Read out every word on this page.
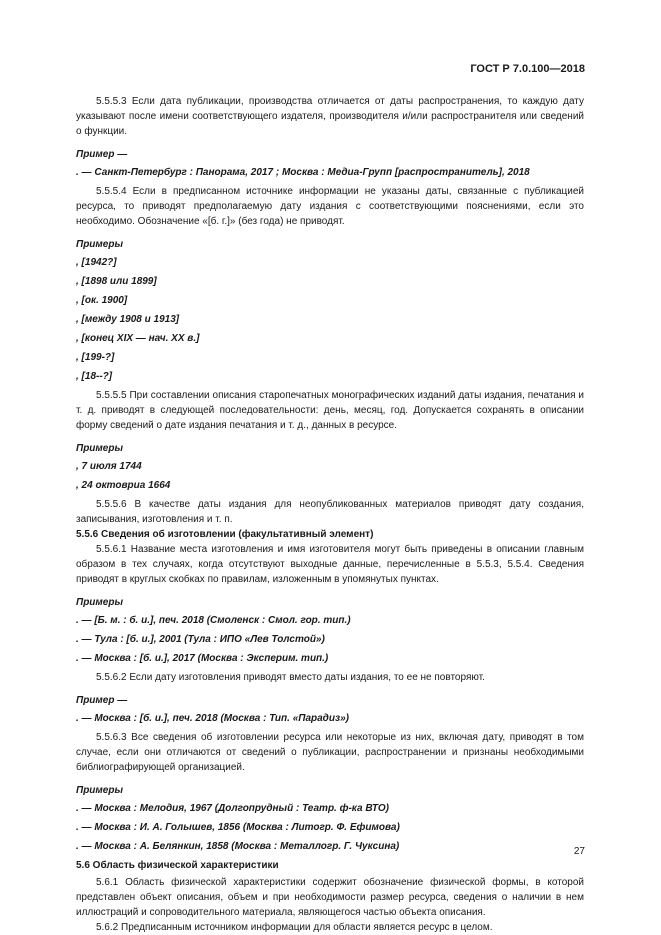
ГОСТ Р 7.0.100—2018

5.5.5.3 Если дата публикации, производства отличается от даты распространения, то каждую дату указывают после имени соответствующего издателя, производителя и/или распространителя или сведений о функции.

Пример —
. — Санкт-Петербург : Панорама, 2017 ; Москва : Медиа-Групп [распространитель], 2018

5.5.5.4 Если в предписанном источнике информации не указаны даты, связанные с публикацией ресурса, то приводят предполагаемую дату издания с соответствующими пояснениями, если это необходимо. Обозначение «[б. г.]» (без года) не приводят.

Примеры
, [1942?]
, [1898 или 1899]
, [ок. 1900]
, [между 1908 и 1913]
, [конец XIX — нач. XX в.]
, [199-?]
, [18--?]

5.5.5.5 При составлении описания старопечатных монографических изданий даты издания, печатания и т. д. приводят в следующей последовательности: день, месяц, год. Допускается сохранять в описании форму сведений о дате издания печатания и т. д., данных в ресурсе.

Примеры
, 7 июля 1744
, 24 октовриа 1664

5.5.5.6 В качестве даты издания для неопубликованных материалов приводят дату создания, записывания, изготовления и т. п.

5.5.6 Сведения об изготовлении (факультативный элемент)

5.5.6.1 Название места изготовления и имя изготовителя могут быть приведены в описании главным образом в тех случаях, когда отсутствуют выходные данные, перечисленные в 5.5.3, 5.5.4. Сведения приводят в круглых скобках по правилам, изложенным в упомянутых пунктах.

Примеры
. — [Б. м. : б. и.], печ. 2018 (Смоленск : Смол. гор. тип.)
. — Тула : [б. и.], 2001 (Тула : ИПО «Лев Толстой»)
. — Москва : [б. и.], 2017 (Москва : Эксперим. тип.)

5.5.6.2 Если дату изготовления приводят вместо даты издания, то ее не повторяют.

Пример —
. — Москва : [б. и.], печ. 2018 (Москва : Тип. «Парадиз»)

5.5.6.3 Все сведения об изготовлении ресурса или некоторые из них, включая дату, приводят в том случае, если они отличаются от сведений о публикации, распространении и признаны необходимыми библиографирующей организацией.

Примеры
. — Москва : Мелодия, 1967 (Долгопрудный : Театр. ф-ка ВТО)
. — Москва : И. А. Голышев, 1856 (Москва : Литогр. Ф. Ефимова)
. — Москва : А. Белянкин, 1858 (Москва : Металлогр. Г. Чуксина)

5.6 Область физической характеристики

5.6.1 Область физической характеристики содержит обозначение физической формы, в которой представлен объект описания, объем и при необходимости размер ресурса, сведения о наличии в нем иллюстраций и сопроводительного материала, являющегося частью объекта описания.

5.6.2 Предписанным источником информации для области является ресурс в целом.

27
